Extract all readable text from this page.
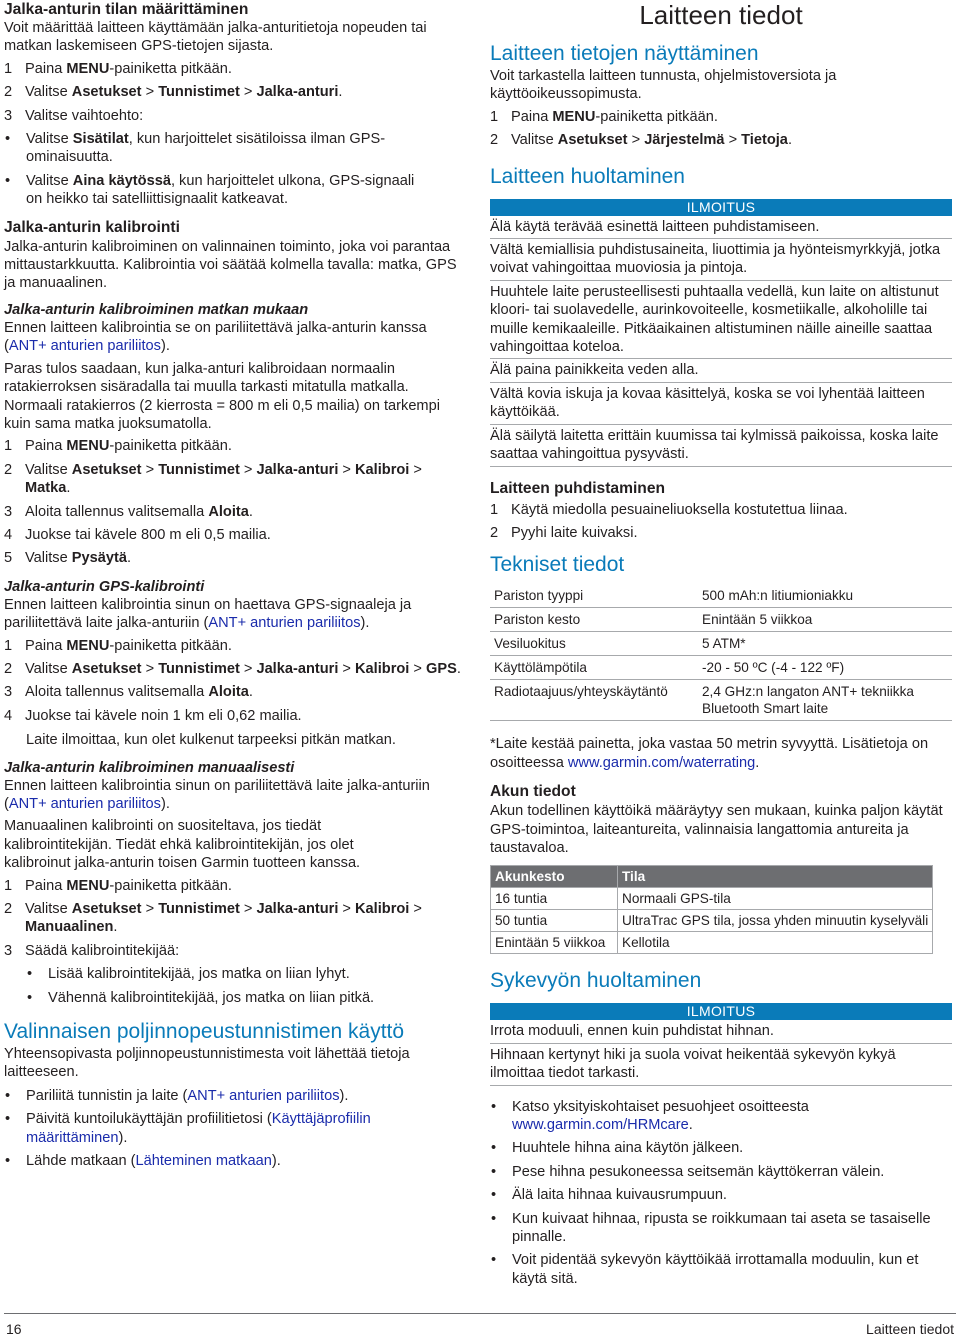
Jalka-anturin tilan määrittäminen

Voit määrittää laitteen käyttämään jalka-anturitietoja nopeuden tai matkan laskemiseen GPS-tietojen sijasta.

1 Paina MENU-painiketta pitkään.
2 Valitse Asetukset > Tunnistimet > Jalka-anturi.
3 Valitse vaihtoehto:
•	Valitse Sisätilat, kun harjoittelet sisätiloissa ilman GPS-ominaisuutta.
•	Valitse Aina käytössä, kun harjoittelet ulkona, GPS-signaali on heikko tai satelliittisignaalit katkeavat.

Jalka-anturin kalibrointi

Jalka-anturin kalibroiminen on valinnainen toiminto, joka voi parantaa mittaustarkkuutta. Kalibrointia voi säätää kolmella tavalla: matka, GPS ja manuaalinen.

Jalka-anturin kalibroiminen matkan mukaan

Ennen laitteen kalibrointia se on pariliitettävä jalka-anturin kanssa (ANT+ anturien pariliitos).

Paras tulos saadaan, kun jalka-anturi kalibroidaan normaalin ratakierroksen sisäradalla tai muulla tarkasti mitatulla matkalla. Normaali ratakierros (2 kierrosta = 800 m eli 0,5 mailia) on tarkempi kuin sama matka juoksumatolla.

1 Paina MENU-painiketta pitkään.
2 Valitse Asetukset > Tunnistimet > Jalka-anturi > Kalibroi > Matka.
3 Aloita tallennus valitsemalla Aloita.
4 Juokse tai kävele 800 m eli 0,5 mailia.
5 Valitse Pysäytä.

Jalka-anturin GPS-kalibrointi

Ennen laitteen kalibrointia sinun on haettava GPS-signaaleja ja pariliitettävä laite jalka-anturiin (ANT+ anturien pariliitos).

1 Paina MENU-painiketta pitkään.
2 Valitse Asetukset > Tunnistimet > Jalka-anturi > Kalibroi > GPS.
3 Aloita tallennus valitsemalla Aloita.
4 Juokse tai kävele noin 1 km eli 0,62 mailia.

Laite ilmoittaa, kun olet kulkenut tarpeeksi pitkän matkan.

Jalka-anturin kalibroiminen manuaalisesti

Ennen laitteen kalibrointia sinun on pariliitettävä laite jalka-anturiin (ANT+ anturien pariliitos).

Manuaalinen kalibrointi on suositeltava, jos tiedät kalibrointitekijän. Tiedät ehkä kalibrointitekijän, jos olet kalibroinut jalka-anturin toisen Garmin tuotteen kanssa.

1 Paina MENU-painiketta pitkään.
2 Valitse Asetukset > Tunnistimet > Jalka-anturi > Kalibroi > Manuaalinen.
3 Säädä kalibrointitekijää:
•	Lisää kalibrointitekijää, jos matka on liian lyhyt.
•	Vähennä kalibrointitekijää, jos matka on liian pitkä.

Valinnaisen poljinnopeustunnistimen käyttö

Yhteensopivasta poljinnopeustunnistimesta voit lähettää tietoja laitteeseen.

•	Pariliitä tunnistin ja laite (ANT+ anturien pariliitos).
•	Päivitä kuntoilukäyttäjän profiilitietosi (Käyttäjäprofiilin määrittäminen).
•	Lähde matkaan (Lähteminen matkaan).

Laitteen tiedot

Laitteen tietojen näyttäminen

Voit tarkastella laitteen tunnusta, ohjelmistoversiota ja käyttöoikeussopimusta.

1 Paina MENU-painiketta pitkään.
2 Valitse Asetukset > Järjestelmä > Tietoja.

Laitteen huoltaminen

ILMOITUS

Älä käytä terävää esinettä laitteen puhdistamiseen.

Vältä kemiallisia puhdistusaineita, liuottimia ja hyönteismyrkkyjä, jotka voivat vahingoittaa muoviosia ja pintoja.

Huuhtele laite perusteellisesti puhtaalla vedellä, kun laite on altistunut kloori- tai suolavedelle, aurinkovoiteelle, kosmetiikalle, alkoholille tai muille kemikaaleille. Pitkäaikainen altistuminen näille aineille saattaa vahingoittaa koteloa.

Älä paina painikkeita veden alla.

Vältä kovia iskuja ja kovaa käsittelyä, koska se voi lyhentää laitteen käyttöikää.

Älä säilytä laitetta erittäin kuumissa tai kylmissä paikoissa, koska laite saattaa vahingoittua pysyvästi.

Laitteen puhdistaminen

1 Käytä miedolla pesuaineliuoksella kostutettua liinaa.
2 Pyyhi laite kuivaksi.

Tekniset tiedot

Pariston tyyppi	500 mAh:n litiumioniakku
Pariston kesto	Enintään 5 viikkoa
Vesiluokitus	5 ATM*
Käyttölämpötila	-20 - 50 ºC (-4 - 122 ºF)
Radiotaajuus/yhteyskäytäntö	2,4 GHz:n langaton ANT+ tekniikka Bluetooth Smart laite

*Laite kestää painetta, joka vastaa 50 metrin syvyyttä. Lisätietoja on osoitteessa www.garmin.com/waterrating.

Akun tiedot

Akun todellinen käyttöikä määräytyy sen mukaan, kuinka paljon käytät GPS-toimintoa, laiteantureita, valinnaisia langattomia antureita ja taustavaloa.

Akunkesto	Tila
16 tuntia	Normaali GPS-tila
50 tuntia	UltraTrac GPS tila, jossa yhden minuutin kyselyväli
Enintään 5 viikkoa	Kellotila

Sykevyön huoltaminen

ILMOITUS

Irrota moduuli, ennen kuin puhdistat hihnan.

Hihnaan kertynyt hiki ja suola voivat heikentää sykevyön kykyä ilmoittaa tiedot tarkasti.

•	Katso yksityiskohtaiset pesuohjeet osoitteesta www.garmin.com/HRMcare.
•	Huuhtele hihna aina käytön jälkeen.
•	Pese hihna pesukoneessa seitsemän käyttökerran välein.
•	Älä laita hihnaa kuivausrumpuun.
•	Kun kuivaat hihnaa, ripusta se roikkumaan tai aseta se tasaiselle pinnalle.
•	Voit pidentää sykevyön käyttöikää irrottamalla moduulin, kun et käytä sitä.
16	Laitteen tiedot
